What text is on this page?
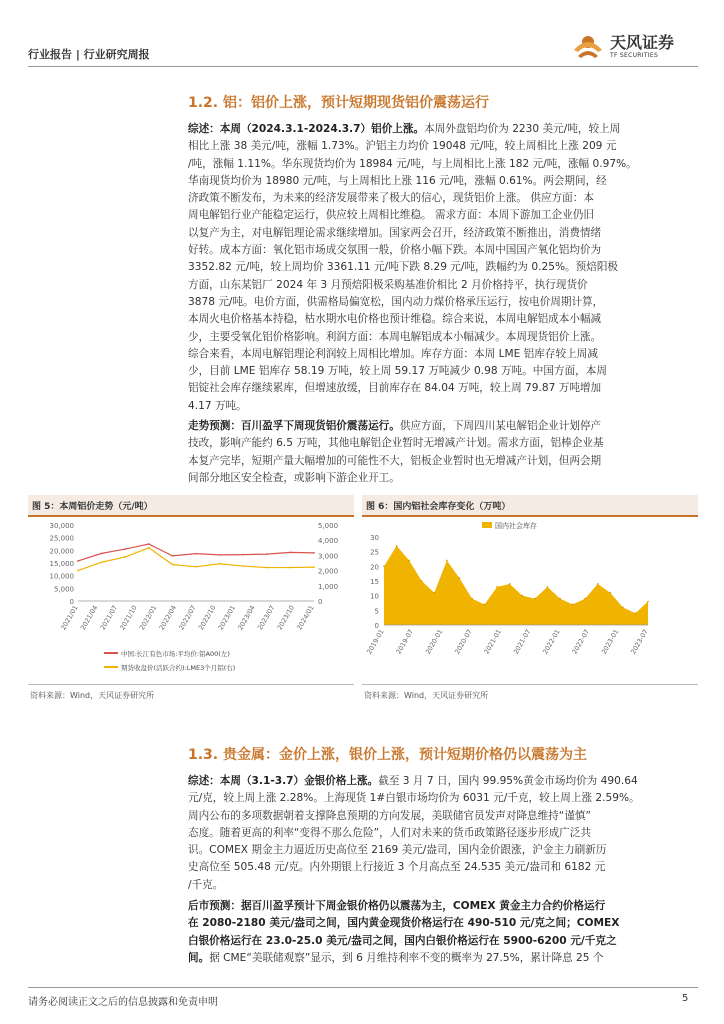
行业报告 | 行业研究周报
天风证券
TF SECURITIES
1.2. 铝：铝价上涨，预计短期现货铝价震荡运行
综述：本周（2024.3.1-2024.3.7）铝价上涨。本周外盘铝均价为 2230 美元/吨，较上周
相比上涨 38 美元/吨，涨幅 1.73%。沪铝主力均价 19048 元/吨，较上周相比上涨 209 元
/吨，涨幅 1.11%。华东现货均价为 18984 元/吨，与上周相比上涨 182 元/吨，涨幅 0.97%。
华南现货均价为 18980 元/吨，与上周相比上涨 116 元/吨，涨幅 0.61%。两会期间，经
济政策不断发布，为未来的经济发展带来了极大的信心，现货铝价上涨。 供应方面：本
周电解铝行业产能稳定运行，供应较上周相比维稳。 需求方面：本周下游加工企业仍旧
以复产为主，对电解铝理论需求继续增加。国家两会召开，经济政策不断推出，消费情绪
好转。成本方面：氧化铝市场成交氛围一般，价格小幅下跌。本周中国国产氧化铝均价为
3352.82 元/吨，较上周均价 3361.11 元/吨下跌 8.29 元/吨，跌幅约为 0.25%。预焙阳极
方面，山东某铝厂 2024 年 3 月预焙阳极采购基准价相比 2 月价格持平，执行现货价
3878 元/吨。电价方面，供需格局偏宽松，国内动力煤价格承压运行，按电价周期计算，
本周火电价格基本持稳，枯水期水电价格也预计维稳。综合来说，本周电解铝成本小幅减
少，主要受氧化铝价格影响。利润方面：本周电解铝成本小幅减少。本周现货铝价上涨。
综合来看，本周电解铝理论利润较上周相比增加。库存方面：本周 LME 铝库存较上周减
少，目前 LME 铝库存 58.19 万吨，较上周 59.17 万吨减少 0.98 万吨。中国方面，本周
铝锭社会库存继续累库，但增速放缓，目前库存在 84.04 万吨，较上周 79.87 万吨增加
4.17 万吨。
走势预测：百川盈孚下周现货铝价震荡运行。供应方面，下周四川某电解铝企业计划停产
技改，影响产能约 6.5 万吨，其他电解铝企业暂时无增减产计划。需求方面，铝棒企业基
本复产完毕，短期产量大幅增加的可能性不大，铝板企业暂时也无增减产计划，但两会期
间部分地区安全检查，或影响下游企业开工。
图 5：本周铝价走势（元/吨）
0
5,000
10,000
15,000
20,000
25,000
30,000
0
1,000
2,000
3,000
4,000
5,000
2021/01 2021/04 2021/07 2021/10 2022/01 2022/04 2022/07 2022/10 2023/01 2023/04 2023/07 2023/10 2024/01
中国:长江有色市场:平均价:铝A00(左)
期货收盘价(活跃合约):LME3个月铝(右)
资料来源：Wind，天风证券研究所
图 6：国内铝社会库存变化（万吨）
0
5
10
15
20
25
30
2019-01 2019-07 2020-01 2020-07 2021-01 2021-07 2022-01 2022-07 2023-01 2023-07
国内社会库存
资料来源：Wind，天风证券研究所
1.3. 贵金属：金价上涨，银价上涨，预计短期价格仍以震荡为主
综述：本周（3.1-3.7）金银价格上涨。截至 3 月 7 日，国内 99.95%黄金市场均价为 490.64
元/克，较上周上涨 2.28%。上海现货 1#白银市场均价为 6031 元/千克，较上周上涨 2.59%。
周内公布的多项数据朝着支撑降息预期的方向发展，美联储官员发声对降息维持“谨慎”
态度。随着更高的利率“变得不那么危险”，人们对未来的货币政策路径逐步形成广泛共
识。COMEX 期金主力逼近历史高位至 2169 美元/盎司，国内金价跟涨，沪金主力刷新历
史高位至 505.48 元/克。内外期银上行接近 3 个月高点至 24.535 美元/盎司和 6182 元
/千克。
后市预测：据百川盈孚预计下周金银价格仍以震荡为主，COMEX 黄金主力合约价格运行
在 2080-2180 美元/盎司之间，国内黄金现货价格运行在 490-510 元/克之间；COMEX
白银价格运行在 23.0-25.0 美元/盎司之间，国内白银价格运行在 5900-6200 元/千克之
间。据 CME“美联储观察”显示，到 6 月维持利率不变的概率为 27.5%，累计降息 25 个
请务必阅读正文之后的信息披露和免责申明	5
